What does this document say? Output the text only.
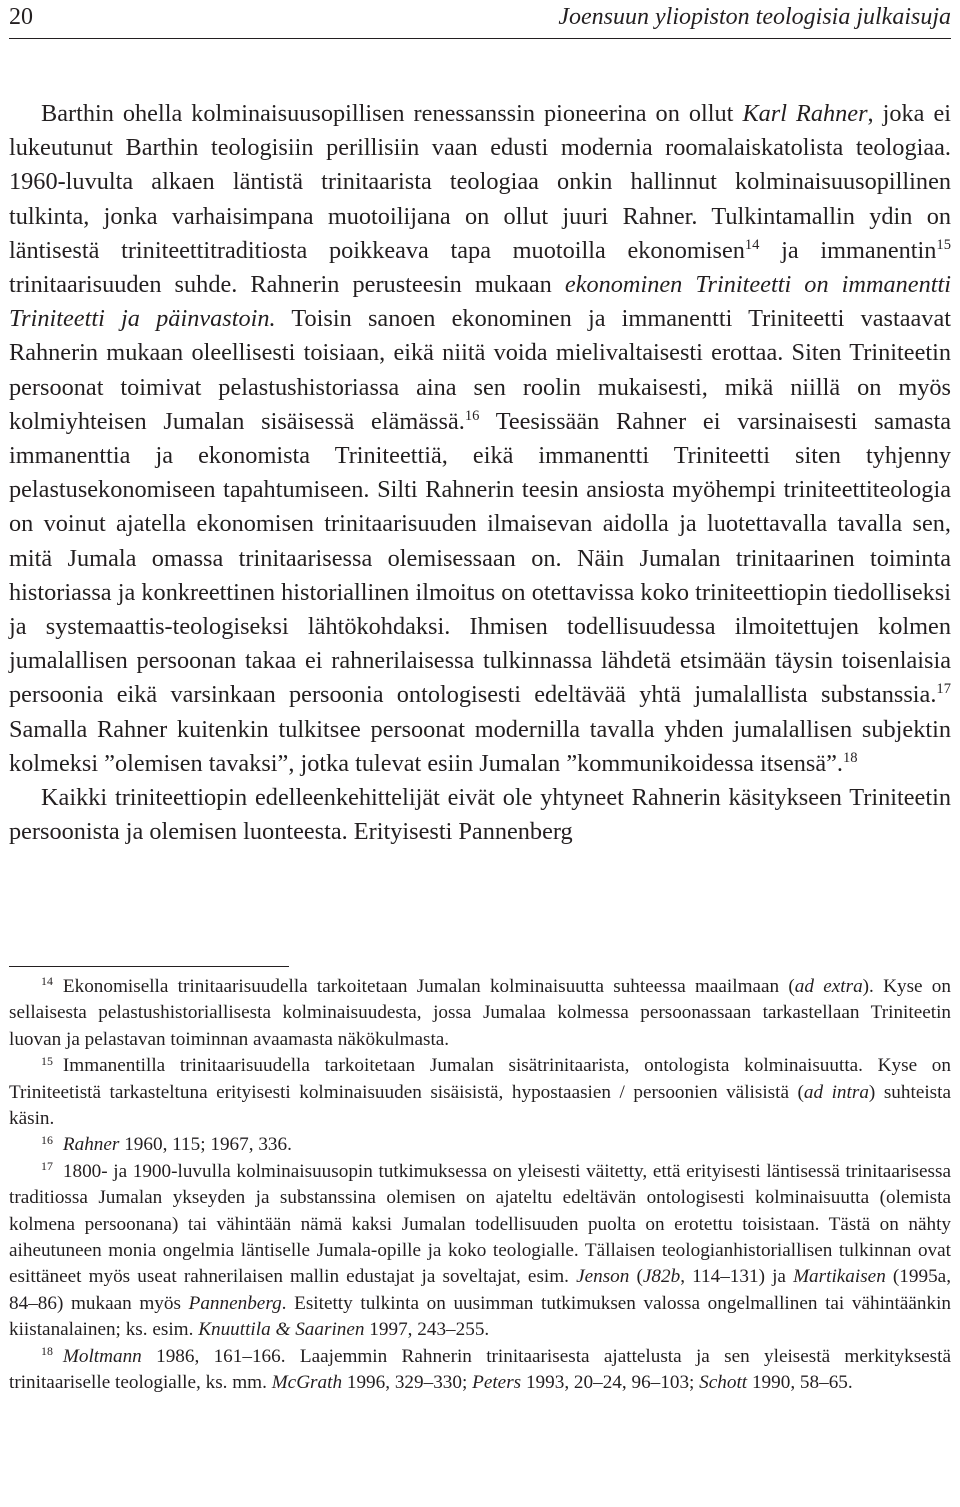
20	Joensuun yliopiston teologisia julkaisuja

Barthin ohella kolminaisuusopillisen renessanssin pioneerina on ollut Karl Rahner, joka ei lukeutunut Barthin teologisiin perillisiin vaan edusti modernia roomalaiskatolista teologiaa. 1960-luvulta alkaen läntistä trinitaarista teologiaa onkin hallinnut kolminaisuusopillinen tulkinta, jonka varhaisimpana muotoilijana on ollut juuri Rahner. Tulkintamallin ydin on läntisestä triniteettitraditiosta poikkeava tapa muotoilla ekonomisen$^{14}$ ja immanentin$^{15}$ trinitaarisuuden suhde. Rahnerin perusteesin mukaan ekonominen Triniteetti on immanentti Triniteetti ja päinvastoin. Toisin sanoen ekonominen ja immanentti Triniteetti vastaavat Rahnerin mukaan oleellisesti toisiaan, eikä niitä voida mielivaltaisesti erottaa. Siten Triniteetin persoonat toimivat pelastushistoriassa aina sen roolin mukaisesti, mikä niillä on myös kolmiyhteisen Jumalan sisäisessä elämässä.$^{16}$ Teesissään Rahner ei varsinaisesti samasta immanenttia ja ekonomista Triniteettiä, eikä immanentti Triniteetti siten tyhjenny pelastusekonomiseen tapahtumiseen. Silti Rahnerin teesin ansiosta myöhempi triniteettiteologia on voinut ajatella ekonomisen trinitaarisuuden ilmaisevan aidolla ja luotettavalla tavalla sen, mitä Jumala omassa trinitaarisessa olemisessaan on. Näin Jumalan trinitaarinen toiminta historiassa ja konkreettinen historiallinen ilmoitus on otettavissa koko triniteettiopin tiedolliseksi ja systemaattis-teologiseksi lähtökohdaksi. Ihmisen todellisuudessa ilmoitettujen kolmen jumalallisen persoonan takaa ei rahnerilaisessa tulkinnassa lähdetä etsimään täysin toisenlaisia persoonia eikä varsinkaan persoonia ontologisesti edeltävää yhtä jumalallista substanssia.$^{17}$ Samalla Rahner kuitenkin tulkitsee persoonat modernilla tavalla yhden jumalallisen subjektin kolmeksi ”olemisen tavaksi”, jotka tulevat esiin Jumalan ”kommunikoidessa itsensä”.$^{18}$

Kaikki triniteettiopin edelleenkehittelijät eivät ole yhtyneet Rahnerin käsitykseen Triniteetin persoonista ja olemisen luonteesta. Erityisesti Pannenberg

$^{14}$ Ekonomisella trinitaarisuudella tarkoitetaan Jumalan kolminaisuutta suhteessa maailmaan (ad extra). Kyse on sellaisesta pelastushistoriallisesta kolminaisuudesta, jossa Jumalaa kolmessa persoonassaan tarkastellaan Triniteetin luovan ja pelastavan toiminnan avaamasta näkökulmasta.

$^{15}$ Immanentilla trinitaarisuudella tarkoitetaan Jumalan sisätrinitaarista, ontologista kolminaisuutta. Kyse on Triniteetistä tarkasteltuna erityisesti kolminaisuuden sisäisistä, hypostaasien / persoonien välisistä (ad intra) suhteista käsin.

$^{16}$ Rahner 1960, 115; 1967, 336.

$^{17}$ 1800- ja 1900-luvulla kolminaisuusopin tutkimuksessa on yleisesti väitetty, että erityisesti läntisessä trinitaarisessa traditiossa Jumalan ykseyden ja substanssina olemisen on ajateltu edeltävän ontologisesti kolminaisuutta (olemista kolmena persoonana) tai vähintään nämä kaksi Jumalan todellisuuden puolta on erotettu toisistaan. Tästä on nähty aiheutuneen monia ongelmia läntiselle Jumala-opille ja koko teologialle. Tällaisen teologianhistoriallisen tulkinnan ovat esittäneet myös useat rahnerilaisen mallin edustajat ja soveltajat, esim. Jenson (J82b, 114–131) ja Martikaisen (1995a, 84–86) mukaan myös Pannenberg. Esitetty tulkinta on uusimman tutkimuksen valossa ongelmallinen tai vähintäänkin kiistanalainen; ks. esim. Knuuttila & Saarinen 1997, 243–255.

$^{18}$ Moltmann 1986, 161–166. Laajemmin Rahnerin trinitaarisesta ajattelusta ja sen yleisestä merkityksestä trinitaariselle teologialle, ks. mm. McGrath 1996, 329–330; Peters 1993, 20–24, 96–103; Schott 1990, 58–65.
